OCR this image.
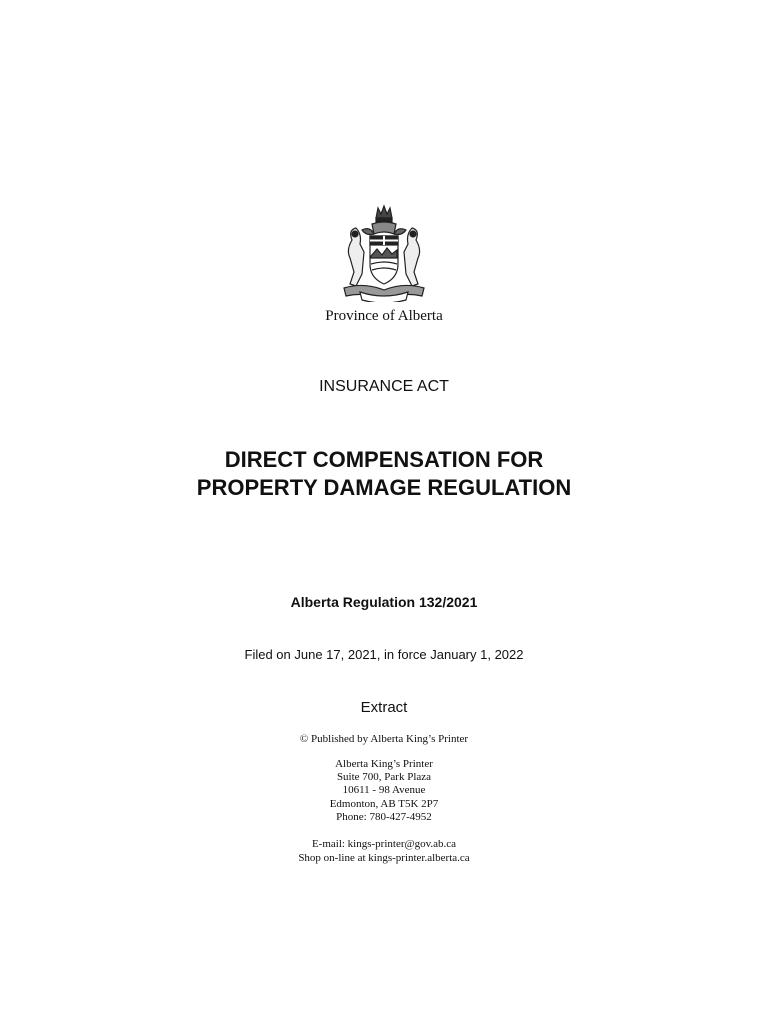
Province of Alberta
INSURANCE ACT
DIRECT COMPENSATION FOR
PROPERTY DAMAGE REGULATION
Alberta Regulation 132/2021
Filed on June 17, 2021, in force January 1, 2022
Extract
© Published by Alberta King’s Printer
Alberta King’s Printer
Suite 700, Park Plaza
10611 - 98 Avenue
Edmonton, AB T5K 2P7
Phone: 780-427-4952
E-mail: kings-printer@gov.ab.ca
Shop on-line at kings-printer.alberta.ca
